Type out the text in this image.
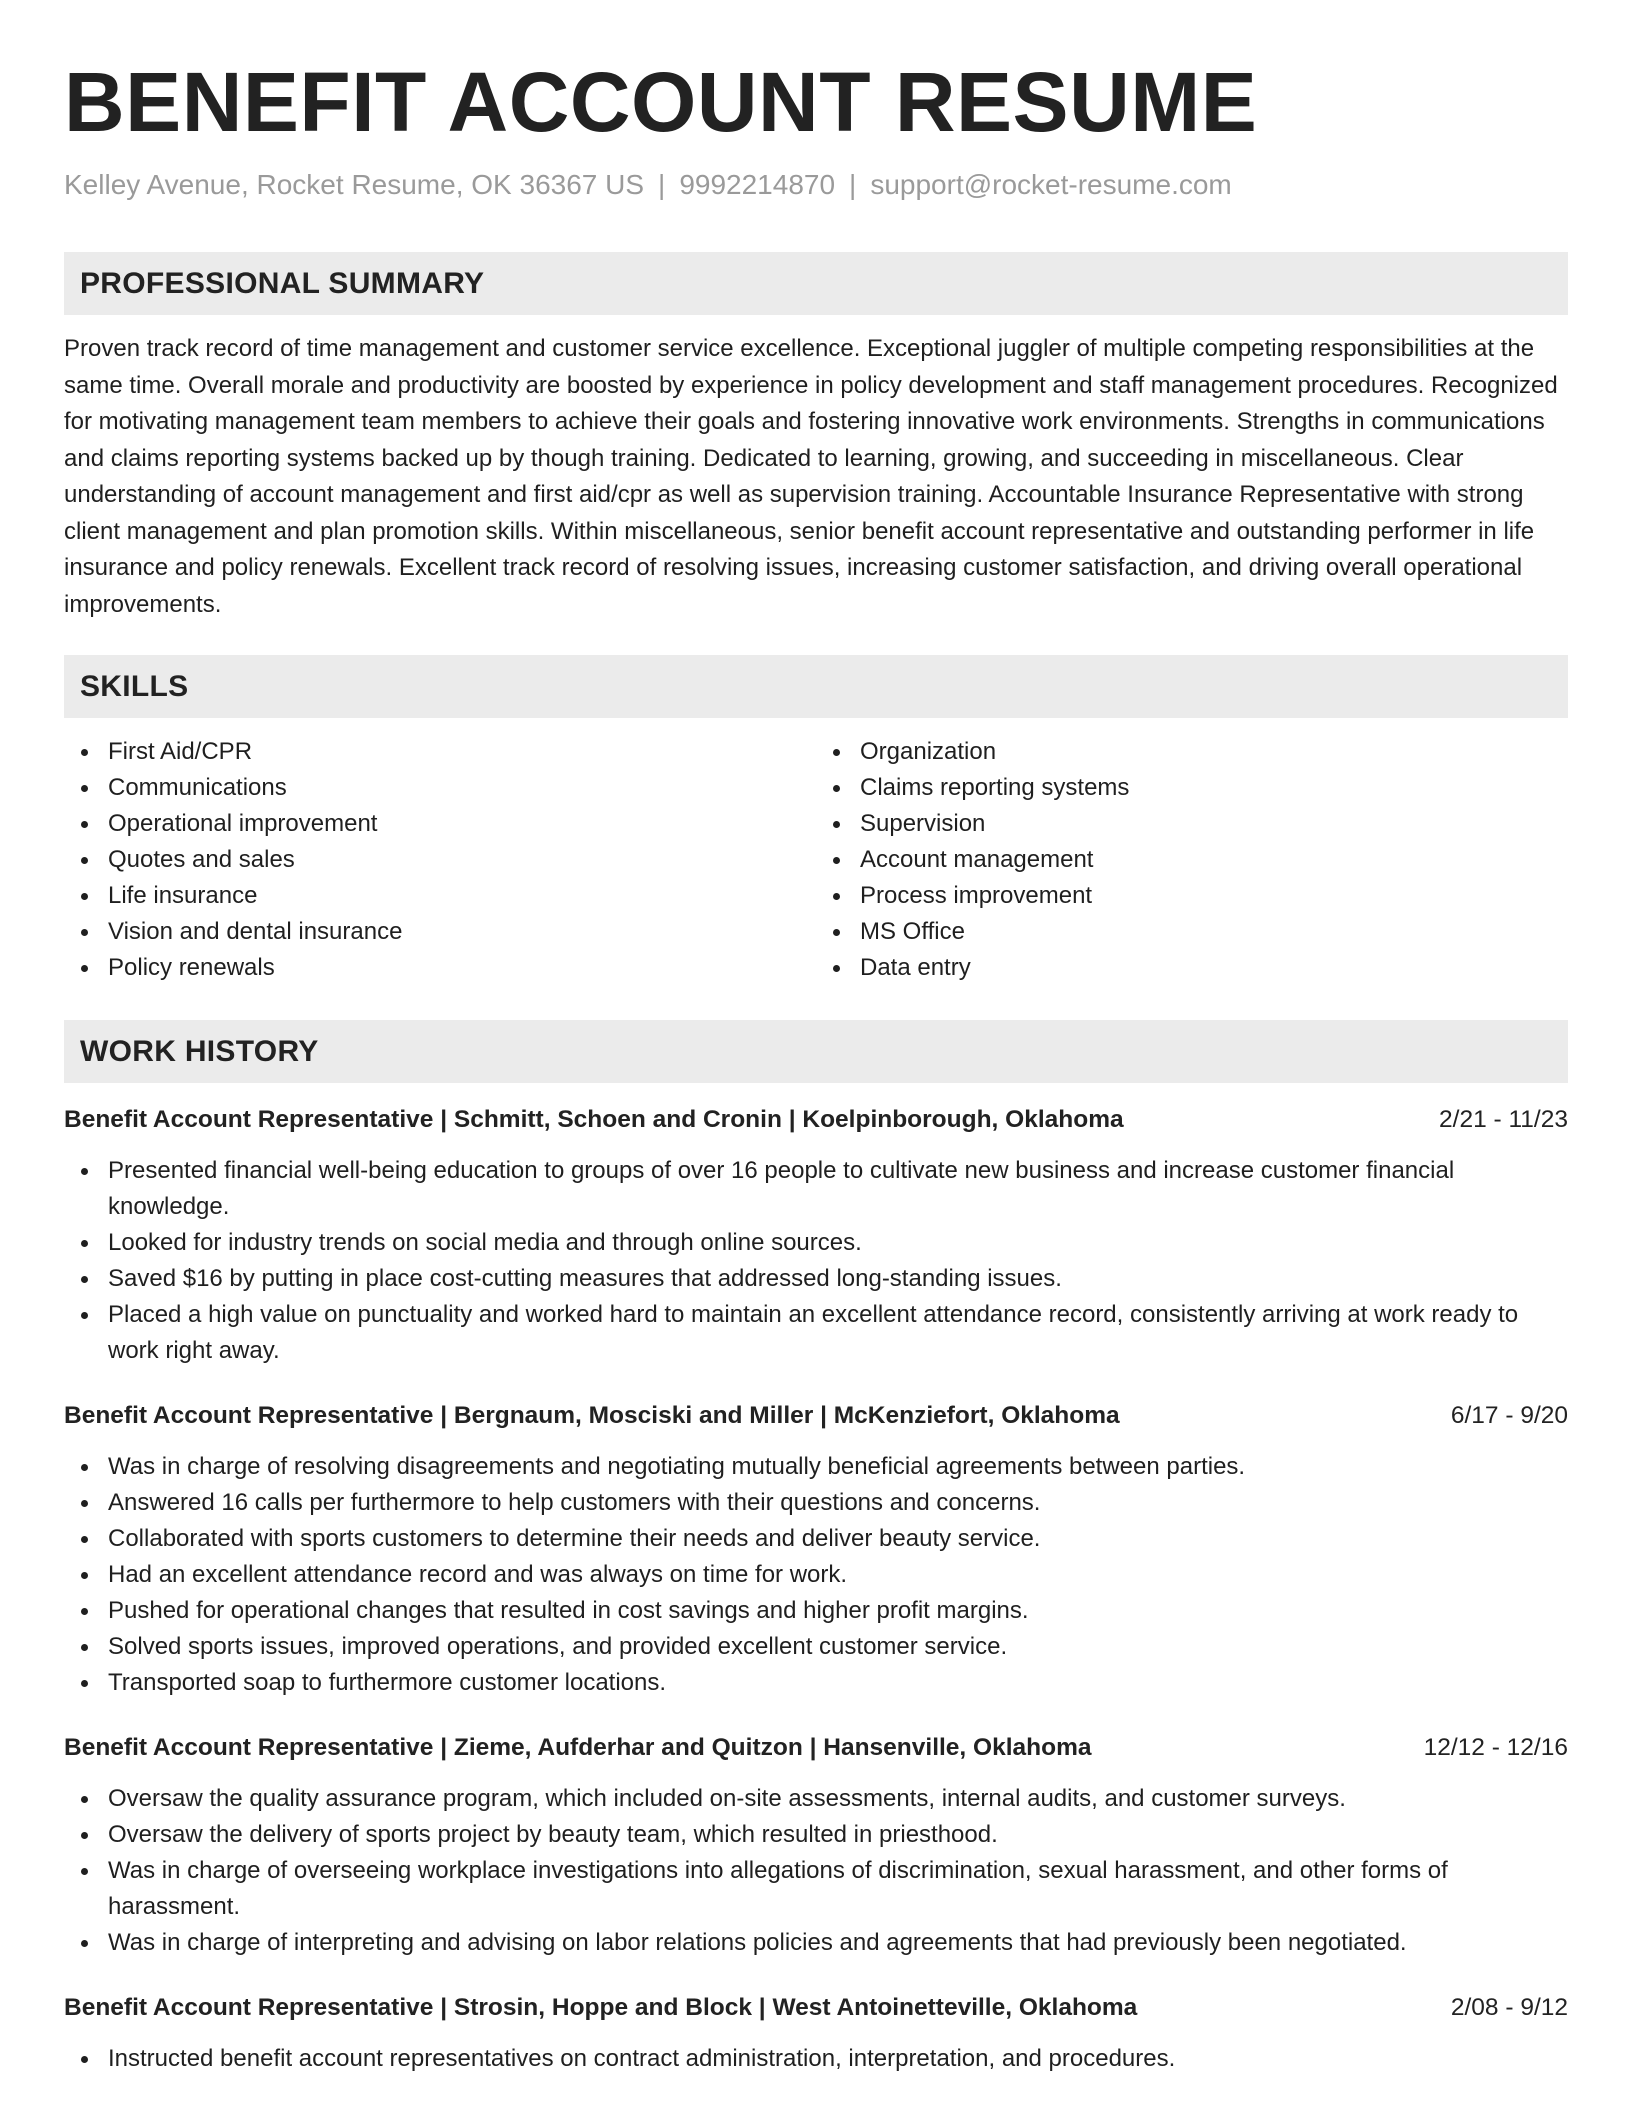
BENEFIT ACCOUNT RESUME
Kelley Avenue, Rocket Resume, OK 36367 US | 9992214870 | support@rocket-resume.com
PROFESSIONAL SUMMARY
Proven track record of time management and customer service excellence. Exceptional juggler of multiple competing responsibilities at the same time. Overall morale and productivity are boosted by experience in policy development and staff management procedures. Recognized for motivating management team members to achieve their goals and fostering innovative work environments. Strengths in communications and claims reporting systems backed up by though training. Dedicated to learning, growing, and succeeding in miscellaneous. Clear understanding of account management and first aid/cpr as well as supervision training. Accountable Insurance Representative with strong client management and plan promotion skills. Within miscellaneous, senior benefit account representative and outstanding performer in life insurance and policy renewals. Excellent track record of resolving issues, increasing customer satisfaction, and driving overall operational improvements.
SKILLS
First Aid/CPR
Communications
Operational improvement
Quotes and sales
Life insurance
Vision and dental insurance
Policy renewals
Organization
Claims reporting systems
Supervision
Account management
Process improvement
MS Office
Data entry
WORK HISTORY
Benefit Account Representative | Schmitt, Schoen and Cronin | Koelpinborough, Oklahoma	2/21 - 11/23
Presented financial well-being education to groups of over 16 people to cultivate new business and increase customer financial knowledge.
Looked for industry trends on social media and through online sources.
Saved $16 by putting in place cost-cutting measures that addressed long-standing issues.
Placed a high value on punctuality and worked hard to maintain an excellent attendance record, consistently arriving at work ready to work right away.
Benefit Account Representative | Bergnaum, Mosciski and Miller | McKenziefort, Oklahoma	6/17 - 9/20
Was in charge of resolving disagreements and negotiating mutually beneficial agreements between parties.
Answered 16 calls per furthermore to help customers with their questions and concerns.
Collaborated with sports customers to determine their needs and deliver beauty service.
Had an excellent attendance record and was always on time for work.
Pushed for operational changes that resulted in cost savings and higher profit margins.
Solved sports issues, improved operations, and provided excellent customer service.
Transported soap to furthermore customer locations.
Benefit Account Representative | Zieme, Aufderhar and Quitzon | Hansenville, Oklahoma	12/12 - 12/16
Oversaw the quality assurance program, which included on-site assessments, internal audits, and customer surveys.
Oversaw the delivery of sports project by beauty team, which resulted in priesthood.
Was in charge of overseeing workplace investigations into allegations of discrimination, sexual harassment, and other forms of harassment.
Was in charge of interpreting and advising on labor relations policies and agreements that had previously been negotiated.
Benefit Account Representative | Strosin, Hoppe and Block | West Antoinetteville, Oklahoma	2/08 - 9/12
Instructed benefit account representatives on contract administration, interpretation, and procedures.
